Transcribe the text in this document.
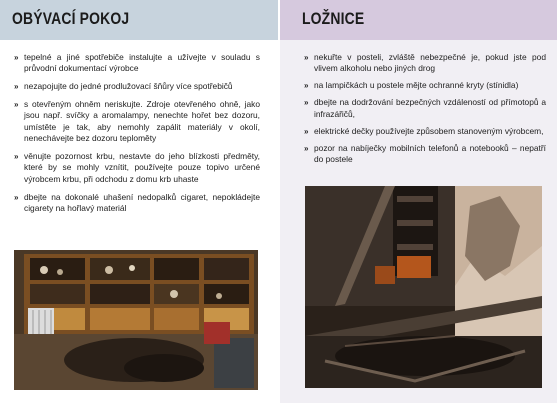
OBÝVACÍ POKOJ
» tepelné a jiné spotřebiče instalujte a užívejte v souladu s průvodní dokumentací výrobce
» nezapojujte do jedné prodlužovací šňůry více spotřebičů
» s otevřeným ohněm neriskujte. Zdroje otevřeného ohně, jako jsou např. svíčky a aromalampy, nenechte hořet bez dozoru, umístěte je tak, aby nemohly zapálit materiály v okolí, nenechávejte bez dozoru teploměty
» věnujte pozornost krbu, nestavte do jeho blízkosti předměty, které by se mohly vznítit, používejte pouze topivo určené výrobcem krbu, při odchodu z domu krb uhaste
» dbejte na dokonalé uhašení nedopalků cigaret, nepokládejte cigarety na hořlavý materiál
LOŽNICE
» nekuřte v posteli, zvláště nebezpečné je, pokud jste pod vlivem alkoholu nebo jiných drog
» na lampičkách u postele mějte ochranné kryty (stínidla)
» dbejte na dodržování bezpečných vzdáleností od přímotopů a infrazářičů,
» elektrické dečky používejte způsobem stanoveným výrobcem,
» pozor na nabíječky mobilních telefonů a notebooků – nepatří do postele
